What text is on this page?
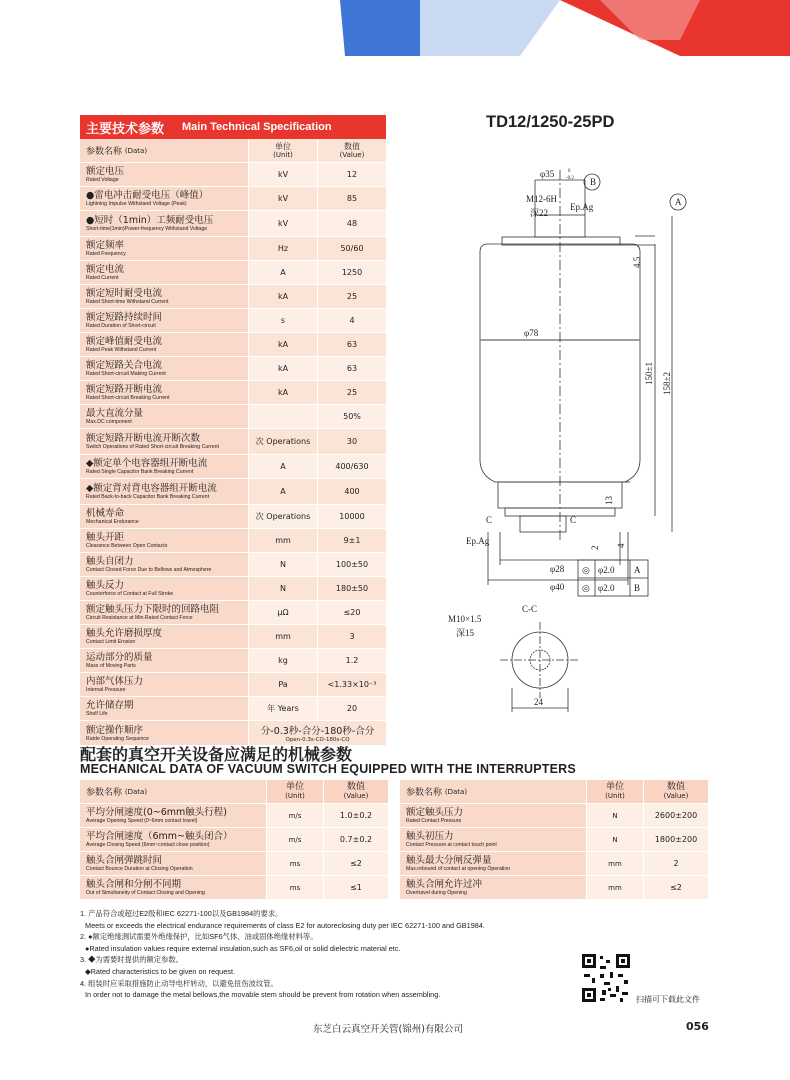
TD12/1250-25PD
主要技术参数 Main Technical Specification
参数名称
(Data)	单位
(Unit)
数值
(Value)
额定电压
Rated Voltage
kV	12
●雷电冲击耐受电压（峰值）
Lightning Impulse Withstand Voltage (Peak)
kV	85
●短时（1min）工频耐受电压
Short-time(1min)Power-frequency Withstand Voltage
kV	48
额定频率
Rated Frequency
Hz	50/60
额定电流
Rated Current
A	1250
额定短时耐受电流
Rated Short-time Withstand Current
kA	25
额定短路持续时间
Rated Duration of Short-circuit
s	4
额定峰值耐受电流
Rated Peak Withstand Current
kA	63
额定短路关合电流
Rated Short-circuit Making Current
kA	63
额定短路开断电流
Rated Short-circuit Breaking Current
kA	25
最大直流分量
Max.DC component
50%
额定短路开断电流开断次数
Switch Operations of Rated Short-circuit Breaking Current
次 Operations	30
◆额定单个电容器组开断电流
Rated Single Capacitor Bank Breaking Current
A	400/630
◆额定背对背电容器组开断电流
Rated Back-to-back Capacitor Bank Breaking Current
A	400
机械寿命
Mechanical Endurance
次 Operations	10000
触头开距
Clearance Between Open Contacts
mm	9±1
触头自闭力
Contact Closed Force Due to Bellows and Atmosphere
N	100±50
触头反力
Counterforce of Contact at Full Stroke
N	180±50
额定触头压力下限时的回路电阻
Circuit Resistance at Min.Rated Contact Force
μΩ	≤20
触头允许磨损厚度
Contact Limit Erosion
mm	3
运动部分的质量
Mass of Moving Parts
kg	1.2
内部气体压力
Internal Pressure
Pa	<1.33×10⁻³
允许储存期
Shelf Life
年 Years	20
额定操作顺序
Ratde Operating Sequence
分-0.3秒-合分-180秒-合分
Open-0.3s-CO-180s-CO
φ35	0
-0.2 B
A
M12-6H
深22
Ep.Ag
4.5
φ78
150±1 158±2
13
2 4
C	C
Ep.Ag
φ28
φ40
◎ φ2.0 A
◎ φ2.0 B
C-C
M10×1.5
深15
24
配套的真空开关设备应满足的机械参数
MECHANICAL DATA OF VACUUM SWITCH EQUIPPED WITH THE INTERRUPTERS
参数名称
(Data)	单位
(Unit)
数值
(Value)
平均分闸速度(0~6mm触头行程)
Average Opening Speed (0~6mm contact travel)
m/s	1.0±0.2
平均合闸速度（6mm~触头闭合）
Average Closing Speed (6mm~contact close position)
m/s	0.7±0.2
触头合闸弹跳时间
Contact Bounce Duration at Closing Operation
ms	≤2
触头合闸和分闸不同期
Out of Simultaneity of Contact Closing and Opening
ms	≤1
参数名称
(Data)	单位
(Unit)
数值
(Value)
额定触头压力
Rated Contact Pressure
N	2600±200
触头初压力
Contact Pressure at contact touch point
N	1800±200
触头最大分闸反弹量
Max.rebound of contact at opening Operation
mm	2
触头合闸允许过冲
Overtravel during Opening
mm	≤2
1. 产品符合或超过E2级和IEC 62271-100以及GB1984的要求。
Meets or exceeds the electrical endurance requirements of class E2 for autoreclosing duty per IEC 62271-100 and GB1984.
2. ●额定绝缘测试需要外绝缘保护，比如SF6气体、油或固体绝缘材料等。
●Rated insulation values require external insulation,such as SF6,oil or solid dielectric material etc.
3. ◆为需要时提供的额定参数。
◆Rated characteristics to be given on request.
4. 组装时应采取措施防止动导电杆转动，以避免扭伤波纹管。
In order not to damage the metal bellows,the movable stem should be prevent from rotation when assembling.
扫描可下载此文件
东芝白云真空开关管(锦州)有限公司	056
